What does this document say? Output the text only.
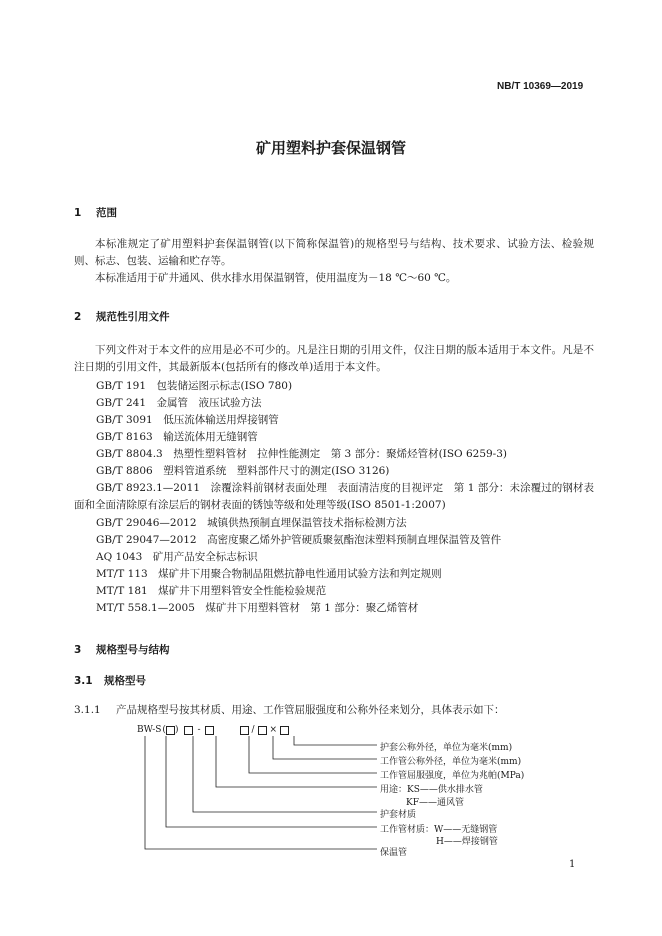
NB/T 10369—2019
矿用塑料护套保温钢管
1 范围
本标准规定了矿用塑料护套保温钢管(以下简称保温管)的规格型号与结构、技术要求、试验方法、检验规则、标志、包装、运输和贮存等。
本标准适用于矿井通风、供水排水用保温钢管，使用温度为－18 ℃～60 ℃。
2 规范性引用文件
下列文件对于本文件的应用是必不可少的。凡是注日期的引用文件，仅注日期的版本适用于本文件。凡是不注日期的引用文件，其最新版本(包括所有的修改单)适用于本文件。
GB/T 191　包装储运图示标志(ISO 780)
GB/T 241　金属管　液压试验方法
GB/T 3091　低压流体输送用焊接钢管
GB/T 8163　输送流体用无缝钢管
GB/T 8804.3　热塑性塑料管材　拉伸性能测定　第 3 部分：聚烯烃管材(ISO 6259-3)
GB/T 8806　塑料管道系统　塑料部件尺寸的测定(ISO 3126)
GB/T 8923.1—2011　涂覆涂料前钢材表面处理　表面清洁度的目视评定　第 1 部分：未涂覆过的钢材表面和全面清除原有涂层后的钢材表面的锈蚀等级和处理等级(ISO 8501-1:2007)
GB/T 29046—2012　城镇供热预制直埋保温管技术指标检测方法
GB/T 29047—2012　高密度聚乙烯外护管硬质聚氨酯泡沫塑料预制直埋保温管及管件
AQ 1043　矿用产品安全标志标识
MT/T 113　煤矿井下用聚合物制品阻燃抗静电性通用试验方法和判定规则
MT/T 181　煤矿井下用塑料管安全性能检验规范
MT/T 558.1—2005　煤矿井下用塑料管材　第 1 部分：聚乙烯管材
3 规格型号与结构
3.1 规格型号
3.1.1 产品规格型号按其材质、用途、工作管屈服强度和公称外径来划分，具体表示如下：
BW-S ( ) -	/ ×
护套公称外径，单位为毫米(mm)
工作管公称外径，单位为毫米(mm)
工作管屈服强度，单位为兆帕(MPa)
用途：KS——供水排水管
KF——通风管
护套材质
工作管材质：W——无缝钢管
H——焊接钢管
保温管
1
